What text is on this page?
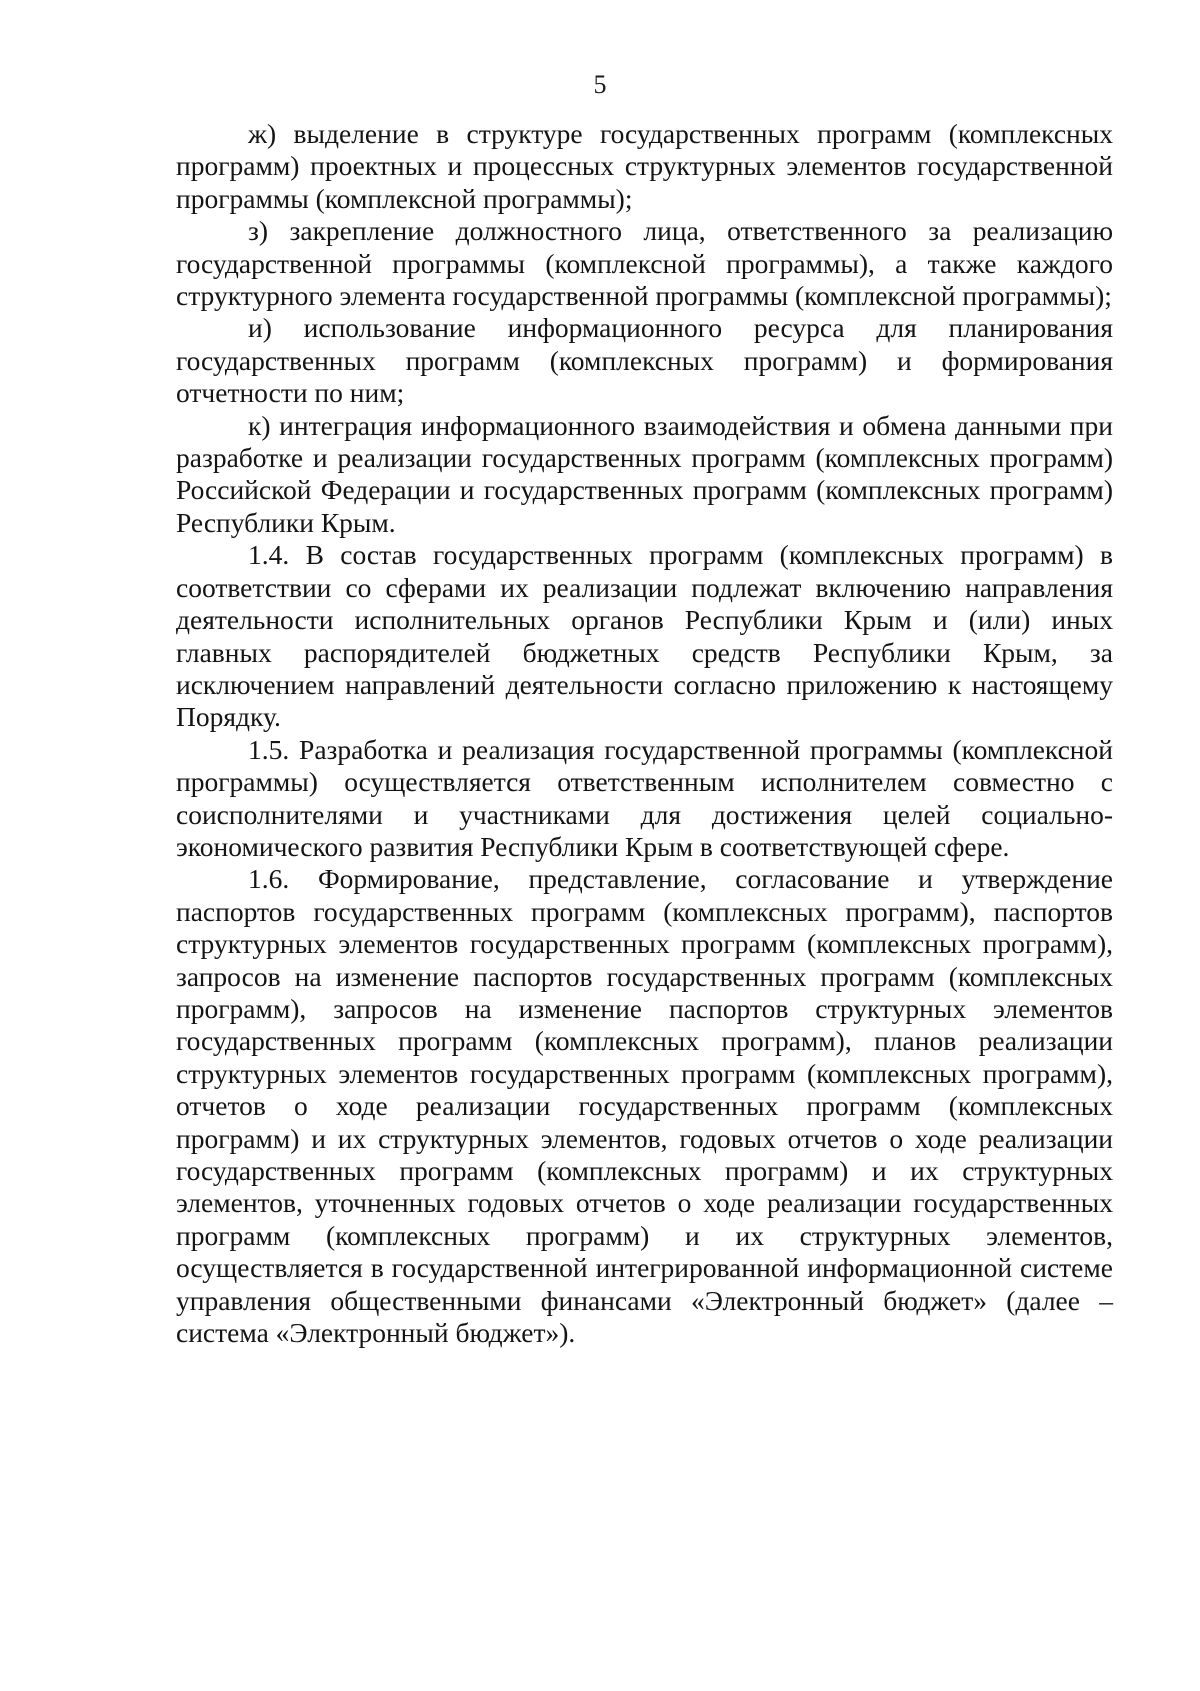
5

ж) выделение в структуре государственных программ (комплексных программ) проектных и процессных структурных элементов государственной программы (комплексной программы);

з) закрепление должностного лица, ответственного за реализацию государственной программы (комплексной программы), а также каждого структурного элемента государственной программы (комплексной программы);

и) использование информационного ресурса для планирования государственных программ (комплексных программ) и формирования отчетности по ним;

к) интеграция информационного взаимодействия и обмена данными при разработке и реализации государственных программ (комплексных программ) Российской Федерации и государственных программ (комплексных программ) Республики Крым.

1.4. В состав государственных программ (комплексных программ) в соответствии со сферами их реализации подлежат включению направления деятельности исполнительных органов Республики Крым и (или) иных главных распорядителей бюджетных средств Республики Крым, за исключением направлений деятельности согласно приложению к настоящему Порядку.

1.5. Разработка и реализация государственной программы (комплексной программы) осуществляется ответственным исполнителем совместно с соисполнителями и участниками для достижения целей социально-экономического развития Республики Крым в соответствующей сфере.

1.6. Формирование, представление, согласование и утверждение паспортов государственных программ (комплексных программ), паспортов структурных элементов государственных программ (комплексных программ), запросов на изменение паспортов государственных программ (комплексных программ), запросов на изменение паспортов структурных элементов государственных программ (комплексных программ), планов реализации структурных элементов государственных программ (комплексных программ), отчетов о ходе реализации государственных программ (комплексных программ) и их структурных элементов, годовых отчетов о ходе реализации государственных программ (комплексных программ) и их структурных элементов, уточненных годовых отчетов о ходе реализации государственных программ (комплексных программ) и их структурных элементов, осуществляется в государственной интегрированной информационной системе управления общественными финансами «Электронный бюджет» (далее – система «Электронный бюджет»).
